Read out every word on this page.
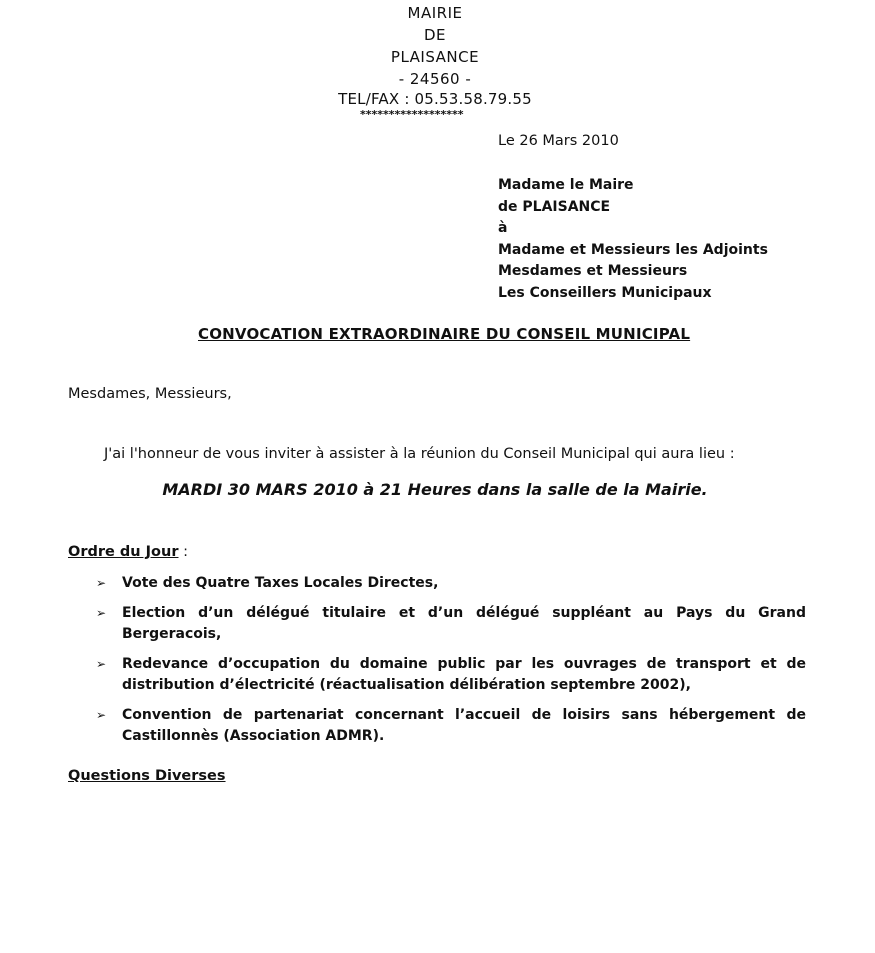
MAIRIE
DE
PLAISANCE
- 24560 -
TEL/FAX : 05.53.58.79.55
******************
Le 26 Mars 2010
Madame le Maire
de PLAISANCE
à
Madame et Messieurs les Adjoints
Mesdames et Messieurs
Les Conseillers Municipaux
CONVOCATION EXTRAORDINAIRE DU CONSEIL MUNICIPAL
Mesdames, Messieurs,
J'ai l'honneur de vous inviter à assister à la réunion du Conseil Municipal qui aura lieu :
MARDI 30 MARS 2010 à 21 Heures dans la salle de la Mairie.
Ordre du Jour :
➢ Vote des Quatre Taxes Locales Directes,
➢ Election d’un délégué titulaire et d’un délégué suppléant au Pays du Grand Bergeracois,
➢ Redevance d’occupation du domaine public par les ouvrages de transport et de distribution d’électricité (réactualisation délibération septembre 2002),
➢ Convention de partenariat concernant l’accueil de loisirs sans hébergement de Castillonnès (Association ADMR).
Questions Diverses
